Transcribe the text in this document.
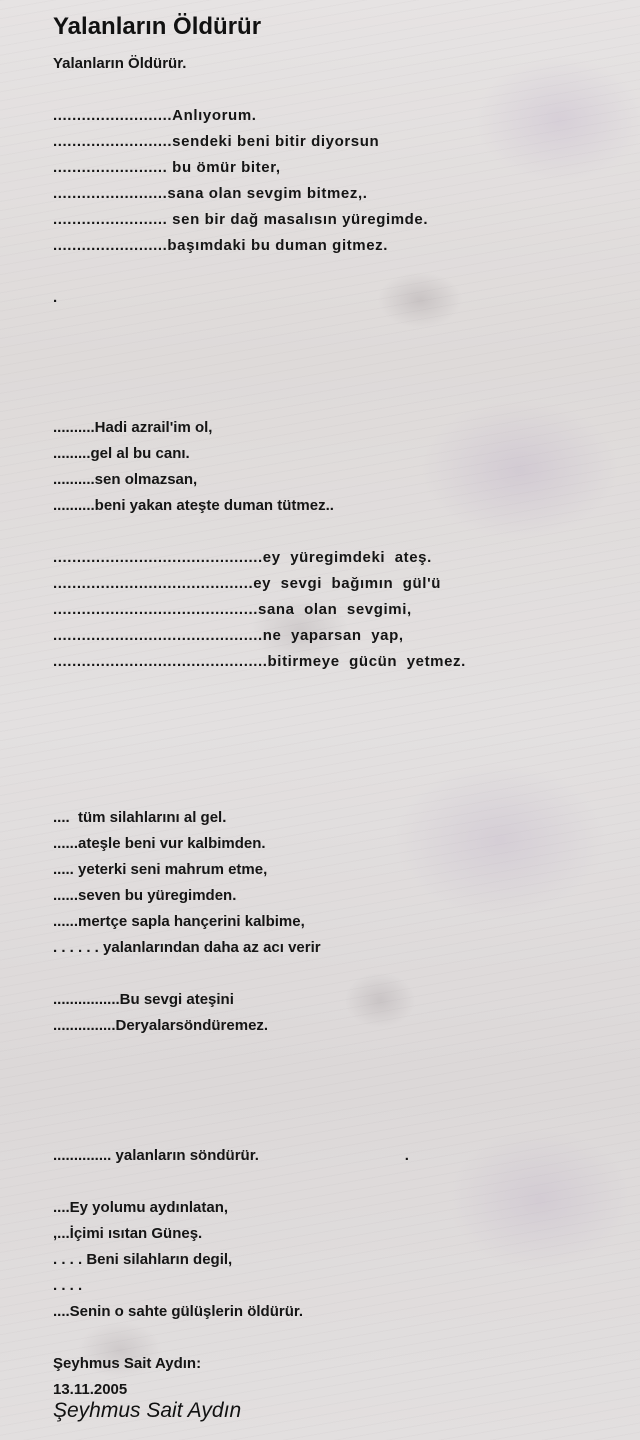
Yalanların Öldürür
Yalanların Öldürür.
.........................Anlıyorum.
.........................sendeki beni bitir diyorsun
........................ bu ömür biter,
........................sana olan sevgim bitmez,.
........................ sen bir dağ masalısın yüregimde.
........................başımdaki bu duman gitmez.
.
..........Hadi azrail'im ol,
.........gel al bu canı.
..........sen olmazsan,
..........beni yakan ateşte duman tütmez..
............................................ey  yüregimdeki  ateş.
..........................................ey  sevgi  bağımın  gül'ü
...........................................sana  olan  sevgimi,
............................................ne  yaparsan  yap,
.............................................bitirmeye  gücün  yetmez.
....  tüm silahlarını al gel.
......ateşle beni vur kalbimden.
..... yeterki seni mahrum etme,
......seven bu yüregimden.
......mertçe sapla hançerini kalbime,
. . . . . . yalanlarından daha az acı verir
................Bu sevgi ateşini
...............Deryalarsöndüremez.
.............. yalanların söndürür.                                   .
....Ey yolumu aydınlatan,
,...İçimi ısıtan Güneş.
. . . . Beni silahların degil,
. . . .
....Senin o sahte gülüşlerin öldürür.
Şeyhmus Sait Aydın:
13.11.2005
Şeyhmus Sait Aydın
